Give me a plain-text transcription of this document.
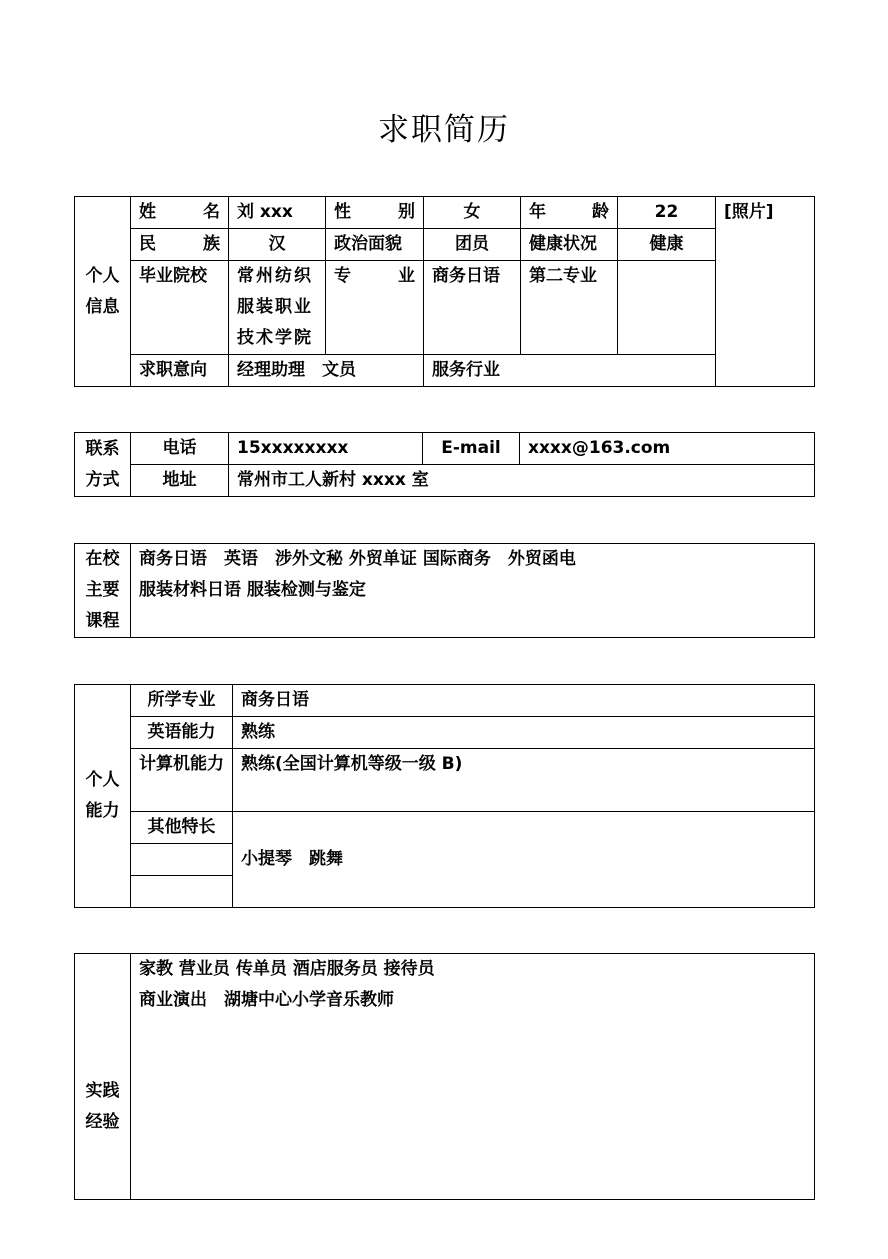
求职简历
个人信息	姓 名	刘 xxx	性 别	女	年 龄	22	[照片]

	民 族	汉	政治面貌	团员	健康状况	健康	
	毕业院校	常州纺织服装职业技术学院	专 业	商务日语	第二专业		
	求职意向	经理助理　文员		服务行业			
联系方式	电话	15xxxxxxxx	E-mail	xxxx@163.com
	地址	常州市工人新村 xxxx 室		
在校主要课程	
商务日语　英语　涉外文秘 外贸单证 国际商务　外贸函电
服装材料日语 服装检测与鉴定
个人能力	所学专业	商务日语
	英语能力	熟练
	计算机能力	熟练(全国计算机等级一级 B)
	其他特长	小提琴　跳舞

实践经验	
家教 营业员 传单员 酒店服务员 接待员
商业演出　湖塘中心小学音乐教师
